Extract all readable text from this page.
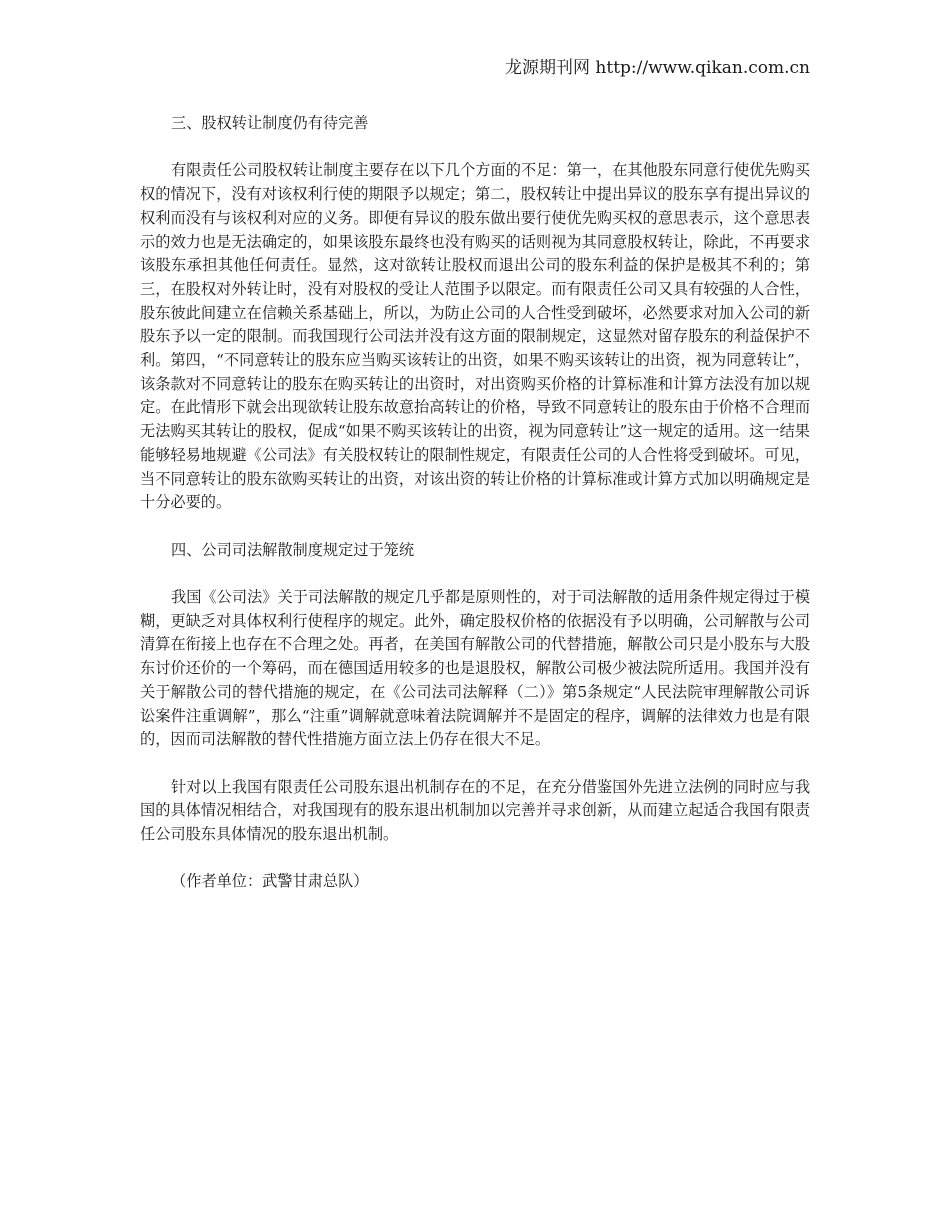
龙源期刊网 http://www.qikan.com.cn

三、股权转让制度仍有待完善

有限责任公司股权转让制度主要存在以下几个方面的不足：第一，在其他股东同意行使优先购买权的情况下，没有对该权利行使的期限予以规定；第二，股权转让中提出异议的股东享有提出异议的权利而没有与该权利对应的义务。即便有异议的股东做出要行使优先购买权的意思表示，这个意思表示的效力也是无法确定的，如果该股东最终也没有购买的话则视为其同意股权转让，除此，不再要求该股东承担其他任何责任。显然，这对欲转让股权而退出公司的股东利益的保护是极其不利的；第三，在股权对外转让时，没有对股权的受让人范围予以限定。而有限责任公司又具有较强的人合性，股东彼此间建立在信赖关系基础上，所以，为防止公司的人合性受到破坏，必然要求对加入公司的新股东予以一定的限制。而我国现行公司法并没有这方面的限制规定，这显然对留存股东的利益保护不利。第四，“不同意转让的股东应当购买该转让的出资，如果不购买该转让的出资，视为同意转让”，该条款对不同意转让的股东在购买转让的出资时，对出资购买价格的计算标准和计算方法没有加以规定。在此情形下就会出现欲转让股东故意抬高转让的价格，导致不同意转让的股东由于价格不合理而无法购买其转让的股权，促成“如果不购买该转让的出资，视为同意转让”这一规定的适用。这一结果能够轻易地规避《公司法》有关股权转让的限制性规定，有限责任公司的人合性将受到破坏。可见，当不同意转让的股东欲购买转让的出资，对该出资的转让价格的计算标准或计算方式加以明确规定是十分必要的。

四、公司司法解散制度规定过于笼统

我国《公司法》关于司法解散的规定几乎都是原则性的，对于司法解散的适用条件规定得过于模糊，更缺乏对具体权利行使程序的规定。此外，确定股权价格的依据没有予以明确，公司解散与公司清算在衔接上也存在不合理之处。再者，在美国有解散公司的代替措施，解散公司只是小股东与大股东讨价还价的一个筹码，而在德国适用较多的也是退股权，解散公司极少被法院所适用。我国并没有关于解散公司的替代措施的规定，在《公司法司法解释（二）》第5条规定“人民法院审理解散公司诉讼案件注重调解”，那么“注重”调解就意味着法院调解并不是固定的程序，调解的法律效力也是有限的，因而司法解散的替代性措施方面立法上仍存在很大不足。

针对以上我国有限责任公司股东退出机制存在的不足，在充分借鉴国外先进立法例的同时应与我国的具体情况相结合，对我国现有的股东退出机制加以完善并寻求创新，从而建立起适合我国有限责任公司股东具体情况的股东退出机制。

（作者单位：武警甘肃总队）
